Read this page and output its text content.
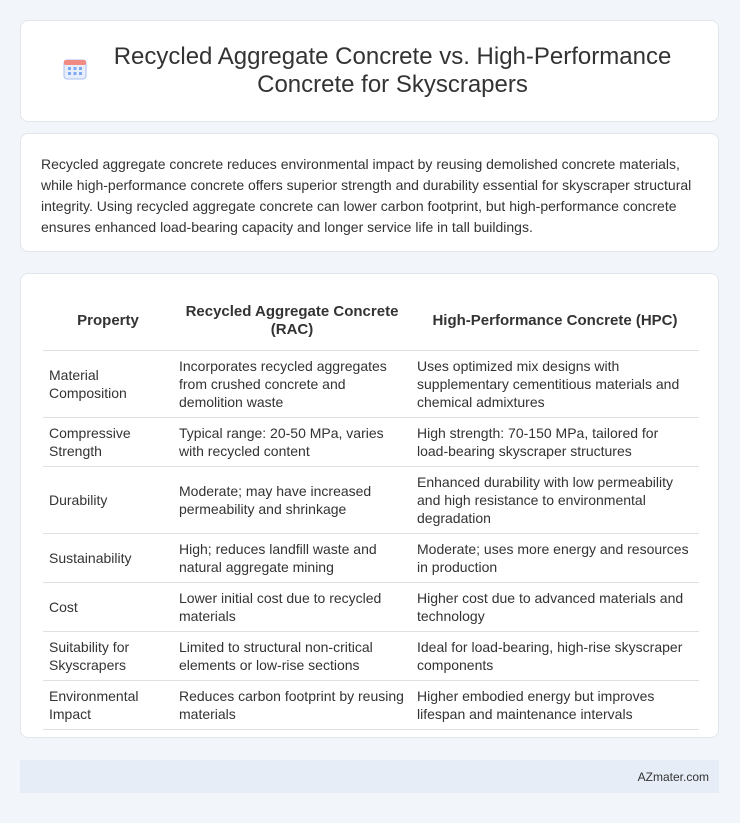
Recycled Aggregate Concrete vs. High-Performance Concrete for Skyscrapers

Recycled aggregate concrete reduces environmental impact by reusing demolished concrete materials, while high-performance concrete offers superior strength and durability essential for skyscraper structural integrity. Using recycled aggregate concrete can lower carbon footprint, but high-performance concrete ensures enhanced load-bearing capacity and longer service life in tall buildings.

Property	Recycled Aggregate Concrete (RAC)	High-Performance Concrete (HPC)
Material Composition	Incorporates recycled aggregates from crushed concrete and demolition waste	Uses optimized mix designs with supplementary cementitious materials and chemical admixtures
Compressive Strength	Typical range: 20-50 MPa, varies with recycled content	High strength: 70-150 MPa, tailored for load-bearing skyscraper structures
Durability	Moderate; may have increased permeability and shrinkage	Enhanced durability with low permeability and high resistance to environmental degradation
Sustainability	High; reduces landfill waste and natural aggregate mining	Moderate; uses more energy and resources in production
Cost	Lower initial cost due to recycled materials	Higher cost due to advanced materials and technology
Suitability for Skyscrapers	Limited to structural non-critical elements or low-rise sections	Ideal for load-bearing, high-rise skyscraper components
Environmental Impact	Reduces carbon footprint by reusing materials	Higher embodied energy but improves lifespan and maintenance intervals
AZmater.com
